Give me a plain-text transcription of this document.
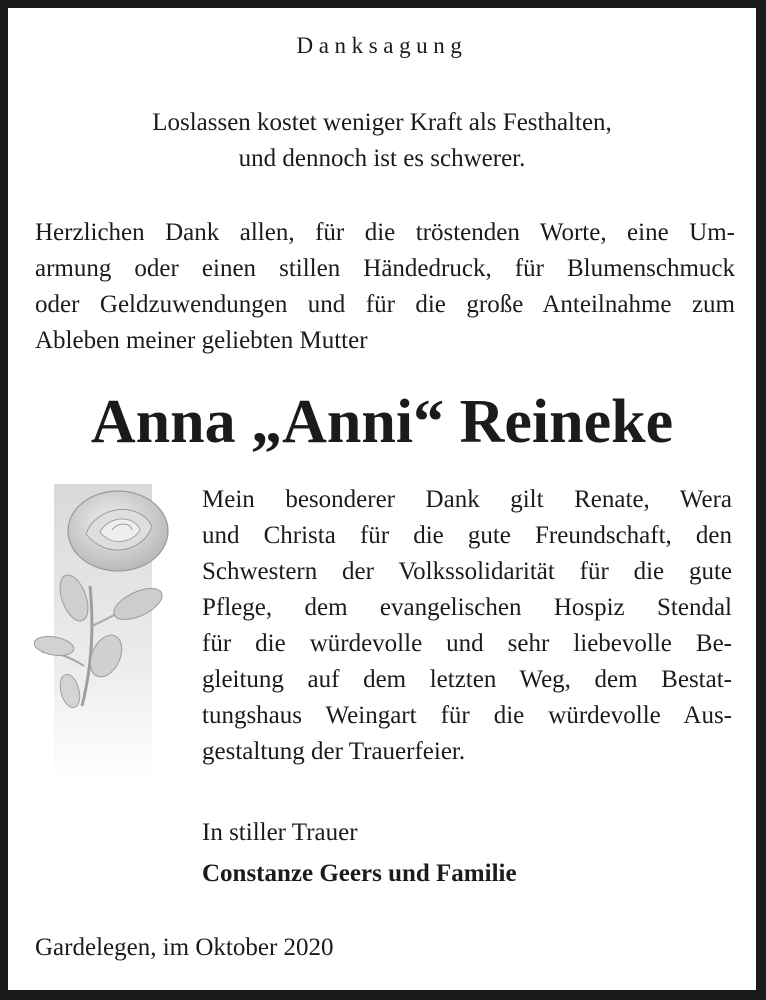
Danksagung
Loslassen kostet weniger Kraft als Festhalten,
und dennoch ist es schwerer.
Herzlichen Dank allen, für die tröstenden Worte, eine Um-
armung oder einen stillen Händedruck, für Blumenschmuck
oder Geldzuwendungen und für die große Anteilnahme zum
Ableben meiner geliebten Mutter
Anna „Anni“ Reineke
Mein besonderer Dank gilt Renate, Wera
und Christa für die gute Freundschaft, den
Schwestern der Volkssolidarität für die gute
Pflege, dem evangelischen Hospiz Stendal
für die würdevolle und sehr liebevolle Be-
gleitung auf dem letzten Weg, dem Bestat-
tungshaus Weingart für die würdevolle Aus-
gestaltung der Trauerfeier.
In stiller Trauer
Constanze Geers und Familie
Gardelegen, im Oktober 2020
